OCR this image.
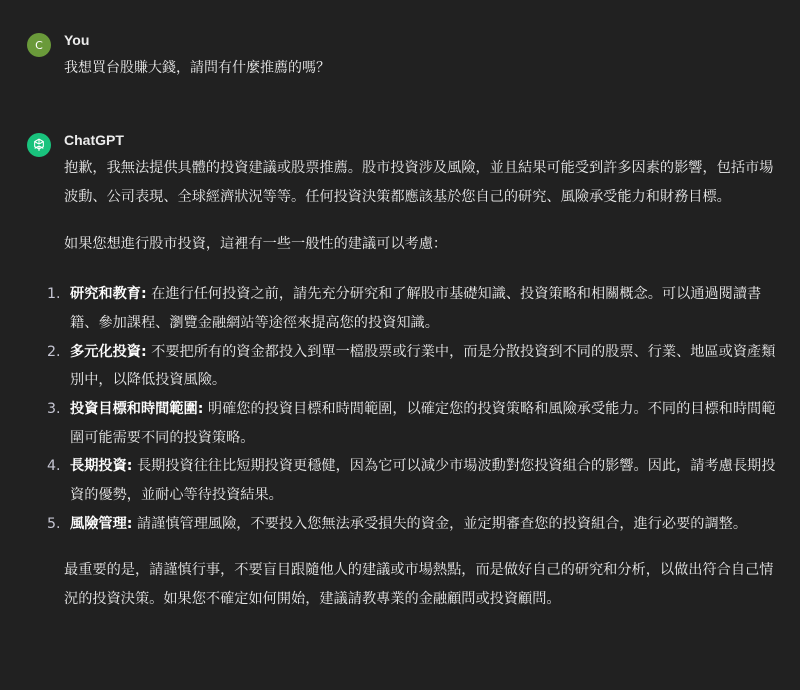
C You
我想買台股賺大錢，請問有什麼推薦的嗎？
ChatGPT

抱歉，我無法提供具體的投資建議或股票推薦。股市投資涉及風險，並且結果可能受到許多因素的影響，包括市場波動、公司表現、全球經濟狀況等等。任何投資決策都應該基於您自己的研究、風險承受能力和財務目標。

如果您想進行股市投資，這裡有一些一般性的建議可以考慮：

1. 研究和教育: 在進行任何投資之前，請先充分研究和了解股市基礎知識、投資策略和相關概念。可以通過閱讀書籍、參加課程、瀏覽金融網站等途徑來提高您的投資知識。
2. 多元化投資: 不要把所有的資金都投入到單一檔股票或行業中，而是分散投資到不同的股票、行業、地區或資產類別中，以降低投資風險。
3. 投資目標和時間範圍: 明確您的投資目標和時間範圍，以確定您的投資策略和風險承受能力。不同的目標和時間範圍可能需要不同的投資策略。
4. 長期投資: 長期投資往往比短期投資更穩健，因為它可以減少市場波動對您投資組合的影響。因此，請考慮長期投資的優勢，並耐心等待投資結果。
5. 風險管理: 請謹慎管理風險，不要投入您無法承受損失的資金，並定期審查您的投資組合，進行必要的調整。

最重要的是，請謹慎行事，不要盲目跟隨他人的建議或市場熱點，而是做好自己的研究和分析，以做出符合自己情況的投資決策。如果您不確定如何開始，建議請教專業的金融顧問或投資顧問。
